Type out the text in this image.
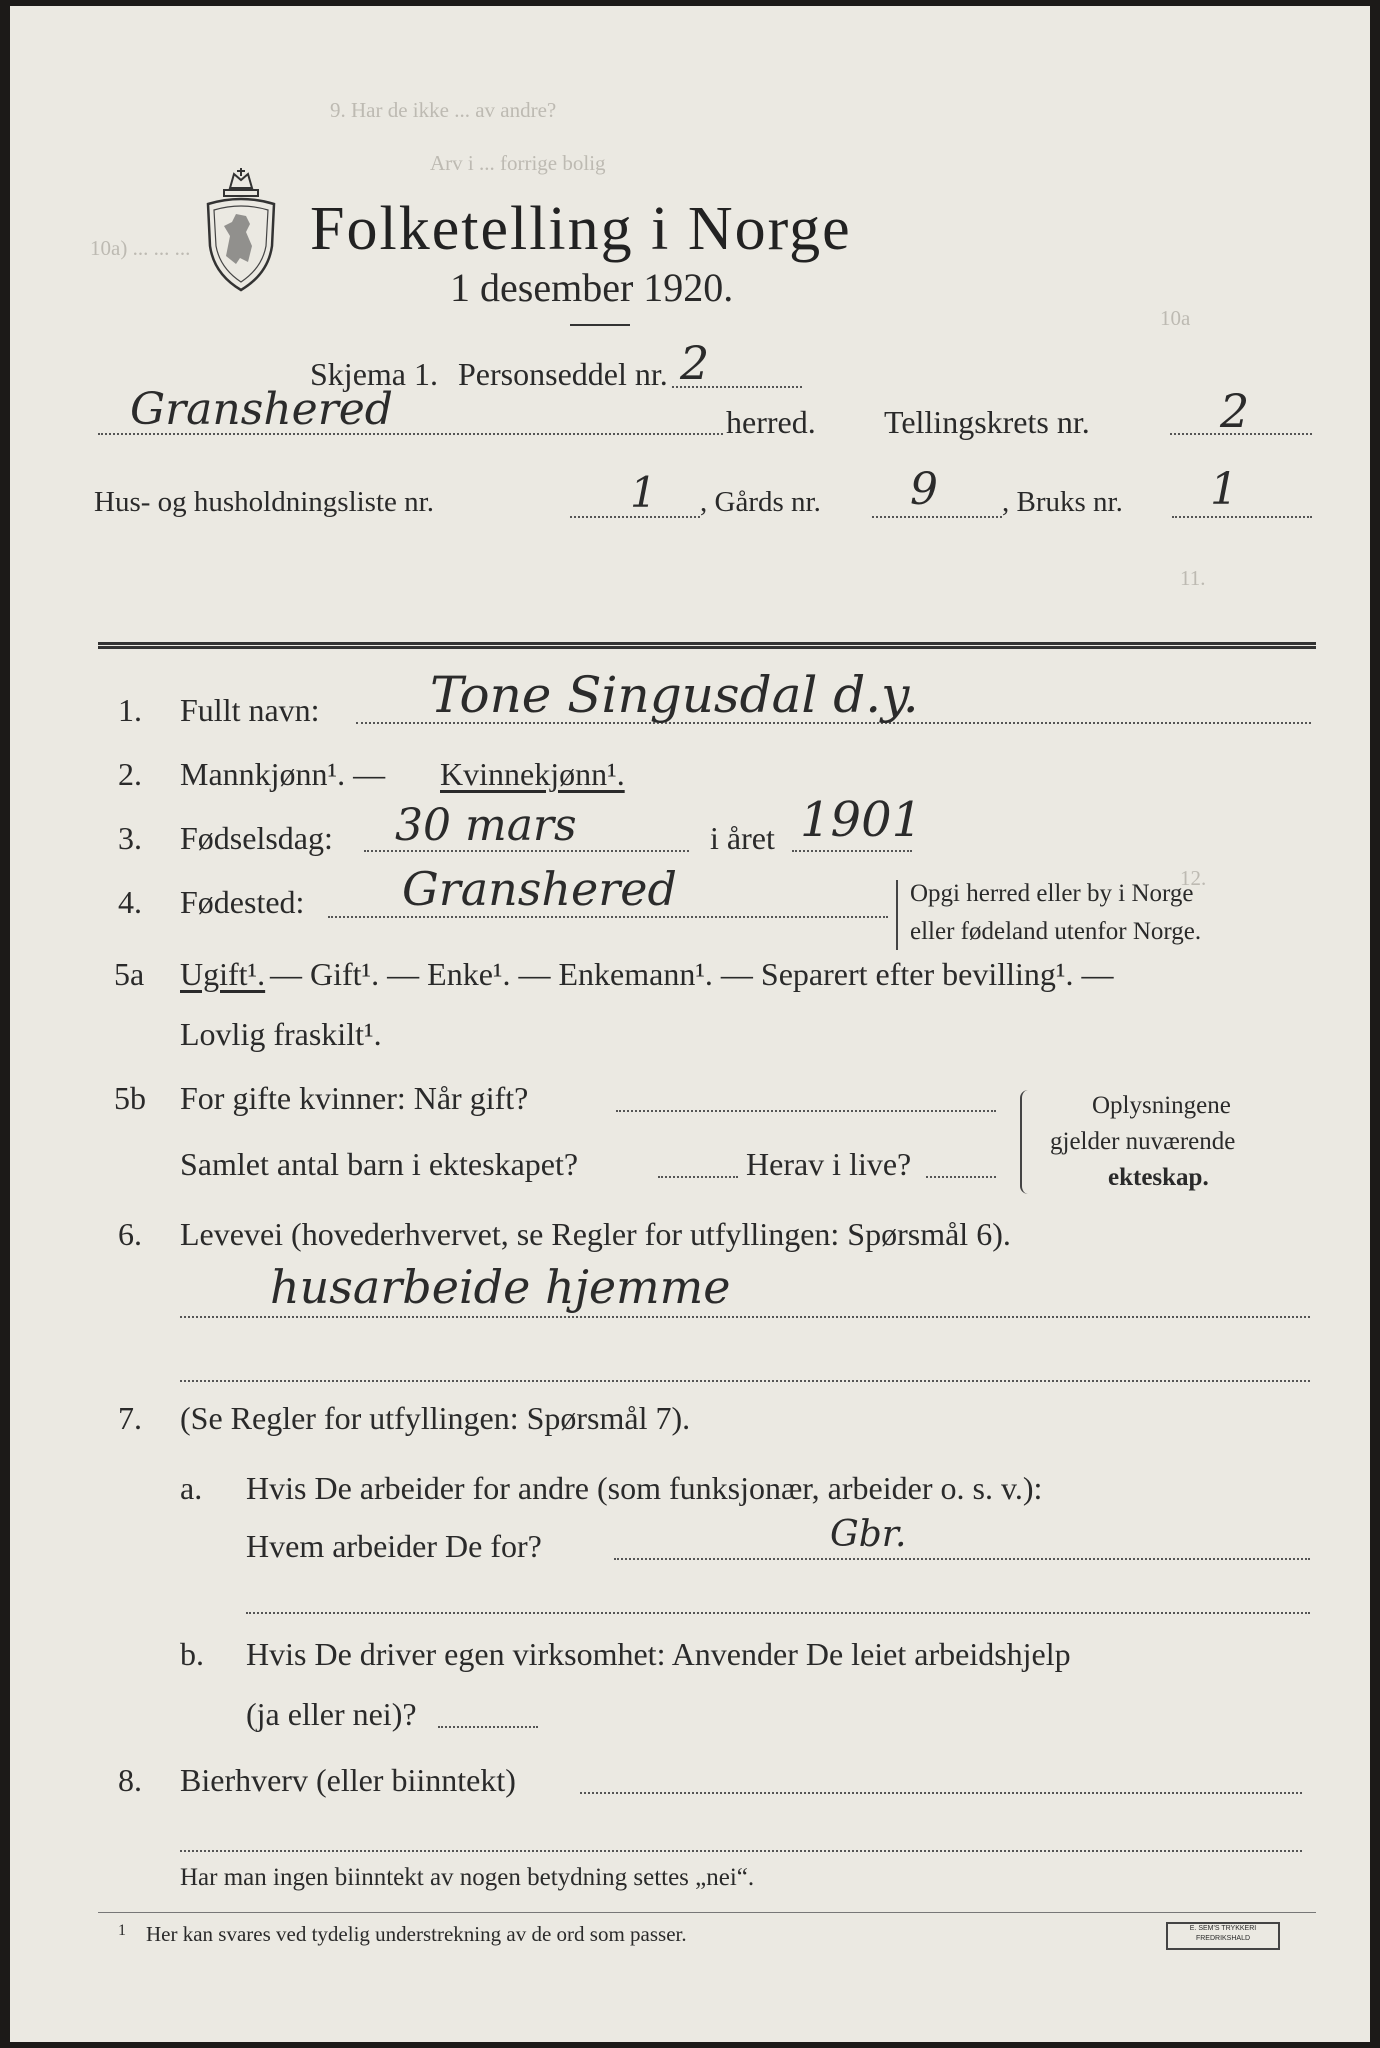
9. Har de ikke ... av andre?
Arv i ... forrige bolig
10a) ... ... ...
10a
11.
12.
Folketelling i Norge
1 desember 1920.
Skjema 1. Personseddel nr. 2
Granshered	herred. Tellingskrets nr.	2
Hus- og husholdningsliste nr.	1 , Gårds nr. 9 , Bruks nr. 1
1. Fullt navn: Tone Singusdal d.y.
2. Mannkjønn¹. — Kvinnekjønn¹.
3. Fødselsdag: 30 mars	i året 1901
4. Fødested: Granshered	Opgi herred eller by i Norge
eller fødeland utenfor Norge.
5a Ugift¹. — Gift¹. — Enke¹. — Enkemann¹. — Separert efter bevilling¹. —
Lovlig fraskilt¹.
5b For gifte kvinner: Når gift?
Samlet antal barn i ekteskapet?	Herav i live?
Oplysningene
gjelder nuværende
ekteskap.
6. Levevei (hovederhvervet, se Regler for utfyllingen: Spørsmål 6).
husarbeide hjemme
7. (Se Regler for utfyllingen: Spørsmål 7).
a. Hvis De arbeider for andre (som funksjonær, arbeider o. s. v.):
Hvem arbeider De for?	Gbr.
b. Hvis De driver egen virksomhet: Anvender De leiet arbeidshjelp
(ja eller nei)?
8. Bierhverv (eller biinntekt)
Har man ingen biinntekt av nogen betydning settes „nei“.
1 Her kan svares ved tydelig understrekning av de ord som passer.	E. SEM'S TRYKKERI FREDRIKSHALD
